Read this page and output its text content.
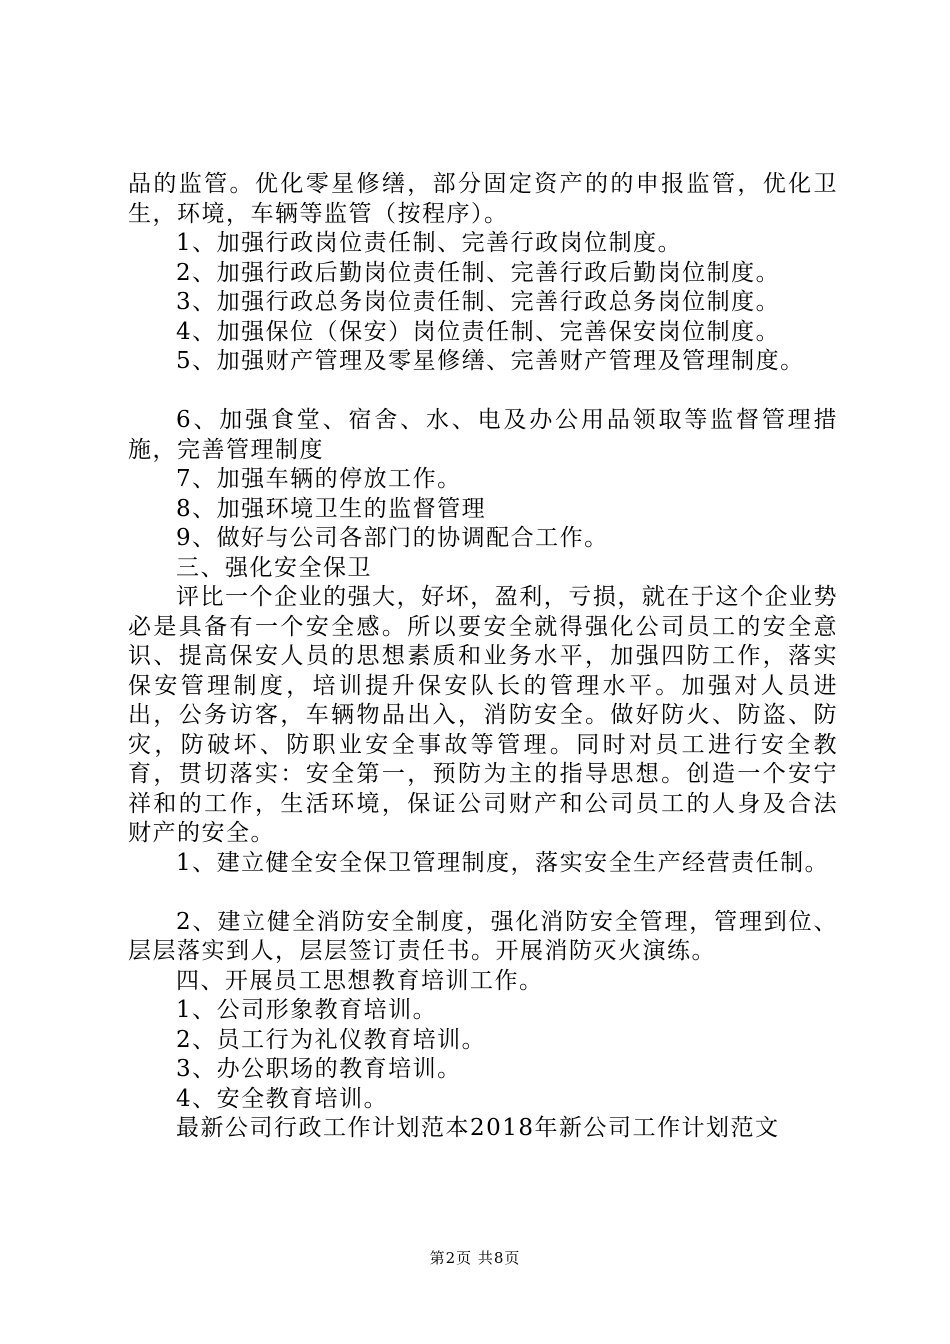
品的监管。优化零星修缮，部分固定资产的的申报监管，优化卫生，环境，车辆等监管（按程序）。

1、加强行政岗位责任制、完善行政岗位制度。

2、加强行政后勤岗位责任制、完善行政后勤岗位制度。

3、加强行政总务岗位责任制、完善行政总务岗位制度。

4、加强保位（保安）岗位责任制、完善保安岗位制度。

5、加强财产管理及零星修缮、完善财产管理及管理制度。

6、加强食堂、宿舍、水、电及办公用品领取等监督管理措施，完善管理制度

7、加强车辆的停放工作。

8、加强环境卫生的监督管理

9、做好与公司各部门的协调配合工作。

三、强化安全保卫

评比一个企业的强大，好坏，盈利，亏损，就在于这个企业势必是具备有一个安全感。所以要安全就得强化公司员工的安全意识、提高保安人员的思想素质和业务水平，加强四防工作，落实保安管理制度，培训提升保安队长的管理水平。加强对人员进出，公务访客，车辆物品出入，消防安全。做好防火、防盗、防灾，防破坏、防职业安全事故等管理。同时对员工进行安全教育，贯切落实：安全第一，预防为主的指导思想。创造一个安宁祥和的工作，生活环境，保证公司财产和公司员工的人身及合法财产的安全。

1、建立健全安全保卫管理制度，落实安全生产经营责任制。

2、建立健全消防安全制度，强化消防安全管理，管理到位、层层落实到人，层层签订责任书。开展消防灭火演练。

四、开展员工思想教育培训工作。

1、公司形象教育培训。

2、员工行为礼仪教育培训。

3、办公职场的教育培训。

4、安全教育培训。

最新公司行政工作计划范本2018年新公司工作计划范文

第2页 共8页
